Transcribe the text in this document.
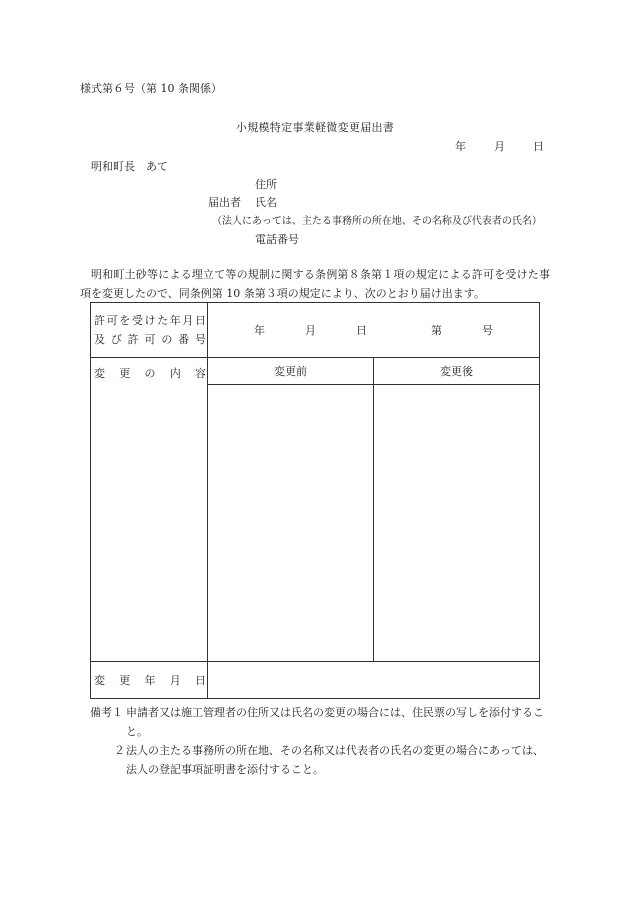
様式第６号（第 10 条関係）
小規模特定事業軽微変更届出書
年	月	日
明和町長　あて
住所
届出者 氏名
（法人にあっては、主たる事務所の所在地、その名称及び代表者の氏名）
電話番号
明和町土砂等による埋立て等の規制に関する条例第８条第１項の規定による許可を受けた事項を変更したので、同条例第 10 条第３項の規定により、次のとおり届け出ます。
許可を受けた年月日
及び許可の番号	年 月 日 第 号	

変　更　の　内　容	変更前	変更後

変　更　年　月　日		

備考１ 申請者又は施工管理者の住所又は氏名の変更の場合には、住民票の写しを添付すること。
２ 法人の主たる事務所の所在地、その名称又は代表者の氏名の変更の場合にあっては、法人の登記事項証明書を添付すること。
